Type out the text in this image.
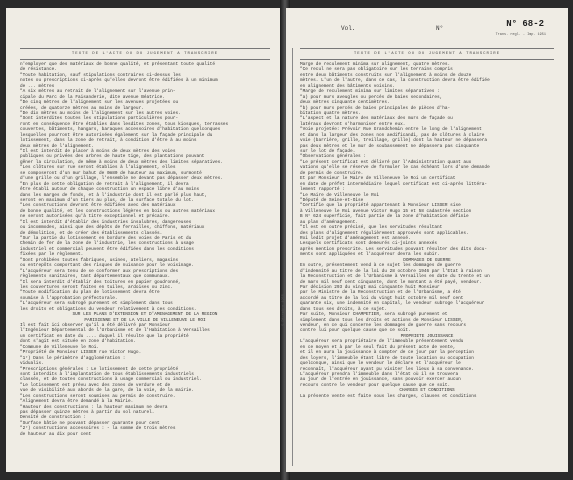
TEXTE DE L'ACTE OU DU JUGEMENT A TRANSCRIRE
n'employer que des matériaux de bonne qualité, et présentant toute qualité
de résistance.
"Toute habitation, sauf stipulations contraires ci-dessus les
notes ou prescriptions ci-après qu'elles devront être édifiées à un minimum
de ... mètres
"A six mètres au retrait de l'alignement sur l'avenue prin-
cipale du Parc de la Faisanderie, dite avenue Béatrice.
"De cinq mètres de l'alignement sur les avenues projetées ou
créées, de quatorze mètres au moins de largeur.
"De dix mètres au moins de l'alignement sur les autres voies.
"Sont interdites toutes les stipulations particulières pour-
ront en conséquence être établies dans lesdites zones, tous kiosques, terrasses
couvertes, bâtiments, hangars, baraques accessoires d'habitation quelconques
lesquelles pourront être autorisées également sur la façade principale du
lotissement, dans la zone de retrait, à condition d'être à au moins
deux mètres de l'alignement.
"Il est interdit de placer à moins de deux mètres des voies
publiques ou privées des arbres de haute tige, des plantations pouvant
gêner la circulation, de même à moins de deux mètres des limites séparatives.
"Les clôtures sur rue seront établies à l'alignement, elles
se composeront d'un mur bahut de 0m80 de hauteur au maximum, surmonté
d'une grille ou d'un grillage, l'ensemble ne devant pas dépasser deux mètres.
"En plus de cette obligation de retrait à l'alignement, il devra
être établi autour de chaque construction un espace libre d'au moins
dans les marges de fonds, et à l'industrie dont il est parlé plus haut,
seront en maximum d'un tiers au plus, de la surface totale du lot.
"Les constructions devront être édifiées avec des matériaux
de bonne qualité, et les constructions légères en bois ou autres matériaux
ne seront autorisées qu'à titre exceptionnel et précaire.
"Il est interdit d'établir des industries insalubres, dangereuses
ou incommodes, ainsi que des dépôts de ferrailles, chiffons, matériaux
de démolition, et de créer des établissements classés.
"Sur la partie du lotissement en bordure des voies de Paris et du
Chemin de fer de la zone de l'industrie, les constructions à usage
industriel et commercial peuvent être édifiées dans les conditions
fixées par le règlement.
"Sont prohibées toutes fabriques, usines, ateliers, magasins
ou entrepôts comportant des risques de nuisance pour le voisinage.
"L'acquéreur sera tenu de se conformer aux prescriptions des
règlements sanitaires, tant départementaux que communaux.
"Il sera interdit d'établir des toitures en papier goudronné,
les couvertures seront faites en tuiles, ardoises ou zinc.
"Toute modification du plan de lotissement devra être
soumise à l'approbation préfectorale.
"L'acquéreur sera subrogé purement et simplement dans tous
les droits et obligations du vendeur relativement à ces conditions.
SUR LES PLANS D'EXTENSION ET D'AMENAGEMENT DE LA REGION
PARISIENNE ET DE LA VILLE DE VILLENEUVE LE ROI
Il est fait ici observer qu'il a été délivré par Monsieur
l'Ingénieur Départemental de l'Urbanisme et de l'Habitation à Versailles
un certificat en date du .... duquel il résulte que la propriété
dont s'agit est située en zone d'habitation.
"Commune de Villeneuve le Roi.
"Propriété de Monsieur LISSER rue Victor Hugo.
"1°) Dans le périmètre d'agglomération :
vidualis.
"Prescriptions générales : Le lotissement de cette propriété
sont interdits à l'implantation de tous établissements industriels
classés, et de toutes constructions à usage commercial ou industriel.
"Le lotissement est prévu avec des zones de verdure et de
vue de visibilité aux abords de la gare, de la voie, de la mairie.
"Les constructions seront soumises au permis de construire.
"Alignement devra être demandé à la Mairie.
"Hauteur des constructions : la hauteur maximum ne devra
pas dépasser quinze mètres à partir du sol naturel.
Densité de construction :
"Surface bâtie ne pouvant dépasser quarante pour cent
"2°) constructions accessoires : - la somme de trois mètres
de hauteur au dix pour cent
Vol.	N°	N° 68-2
Trans. regl. - Imp. 1951
5 Décembre 1958
TEXTE DE L'ACTE OU DU JUGEMENT A TRANSCRIRE
Marge de reculement minima sur alignement, quatre mètres.
"Ce recul ne sera pas obligatoire sur les terrains compris
entre deux bâtiments construits sur l'alignement à moins de douze
mètres. L'un de l'autre, dans ce cas, la construction devra être édifiée
en alignement des bâtiments voisins.
"Marge de reculement minima sur limites séparatives :
"a) pour murs aveugles ou percés de baies secondaires,
deux mètres cinquante centimètres.
"b) pour murs percés de baies principales de pièces d'ha-
bitation quatre mètres.
"L'aspect et la nature des matériaux des murs de façade ou
latéraux devront s'harmoniser entre eux.
"Voie projetée: Prévoir Rue Grandchemin entre le long de l'alignement
et dans la largeur des zones non aedificandi, pas de clôtures à claire
voie (barrière, grille, treillage, grille) dont la hauteur ne dépassera
pas deux mètres et le mur de soubassement ne dépassera pas cinquante
sur le lot de façade.
"Observations générales :
"Le présent certificat est délivré par l'Administration quant aux
vations qu'elle se réserve de formuler le cas échéant lors d'une demande
de permis de construire.
Et par Monsieur le Maire de Villeneuve le Roi un certificat
en date de préfet intermédiaire lequel certificat est ci-après littéra-
lement rapporté :
"Le Maire de Villeneuve le Roi
"Député de Seine-et-Oise
"Certifie que la propriété appartenant à Monsieur LISSER sise
à Villeneuve le Roi avenue Victor Hugo 15 et 58 cadastrée section
B N° 624 superficie, fait partie de la zone d'habitation définie
au plan d'aménagement.
"Il est en outre précisé, que les servitudes résultant
des plans d'alignement régulièrement approuvés sont applicables.
Roi ledit projet d'aménagement est annexé.
Lesquels certificats sont demeurés ci-joints annexés
après mention prescrite. Les servitudes pouvant résulter des dits docu-
ments sont appliquées et l'acquéreur devra les subir.
DOMMAGES DE GUERRE
En outre, présentement vend à ce sujet les dommages de guerre
d'indemnité au titre de la loi du 28 octobre 1946 par l'Etat à raison
la Reconstruction et de l'Urbanisme à Versailles en date du trente et un
de mars mil neuf cent cinquante, dont le montant a été payé, vendeur.
Par décision 293 du vingt mai cinquante huit Monsieur
par le Ministre de la Reconstruction et de l'Urbanisme, a été
accordé au titre de la loi du vingt huit octobre mil neuf cent
quarante six, une indemnité en capital, le vendeur subroge l'acquéreur
dans tous ses droits, à ce sujet.
Par suite, Monsieur CHAMPETIER, sera subrogé purement et
simplement dans tous les droits et actions de Monsieur LISSER,
vendeur, en ce qui concerne les dommages de guerre sans recours
contre lui pour quelque cause que ce soit.
PROPRIETE JOUISSANCE
L'acquéreur sera propriétaire de l'immeuble présentement vendu
en ce moyen et à par le seul fait du présent acte de vente,
et il en aura la jouissance à compter de ce jour par la perception
des loyers, l'immeuble étant libre de toute location ou occupation
quelconque, ainsi que le vendeur le déclare et l'acquéreur le
reconnaît, l'acquéreur ayant pu visiter les lieux à sa convenance.
L'acquéreur prendra l'immeuble dans l'état où il se trouvera
au jour de l'entrée en jouissance, sans pouvoir exercer aucun
recours contre le vendeur pour quelque cause que ce soit.
CHARGES ET CONDITIONS
La présente vente est faite sous les charges, clauses et conditions
